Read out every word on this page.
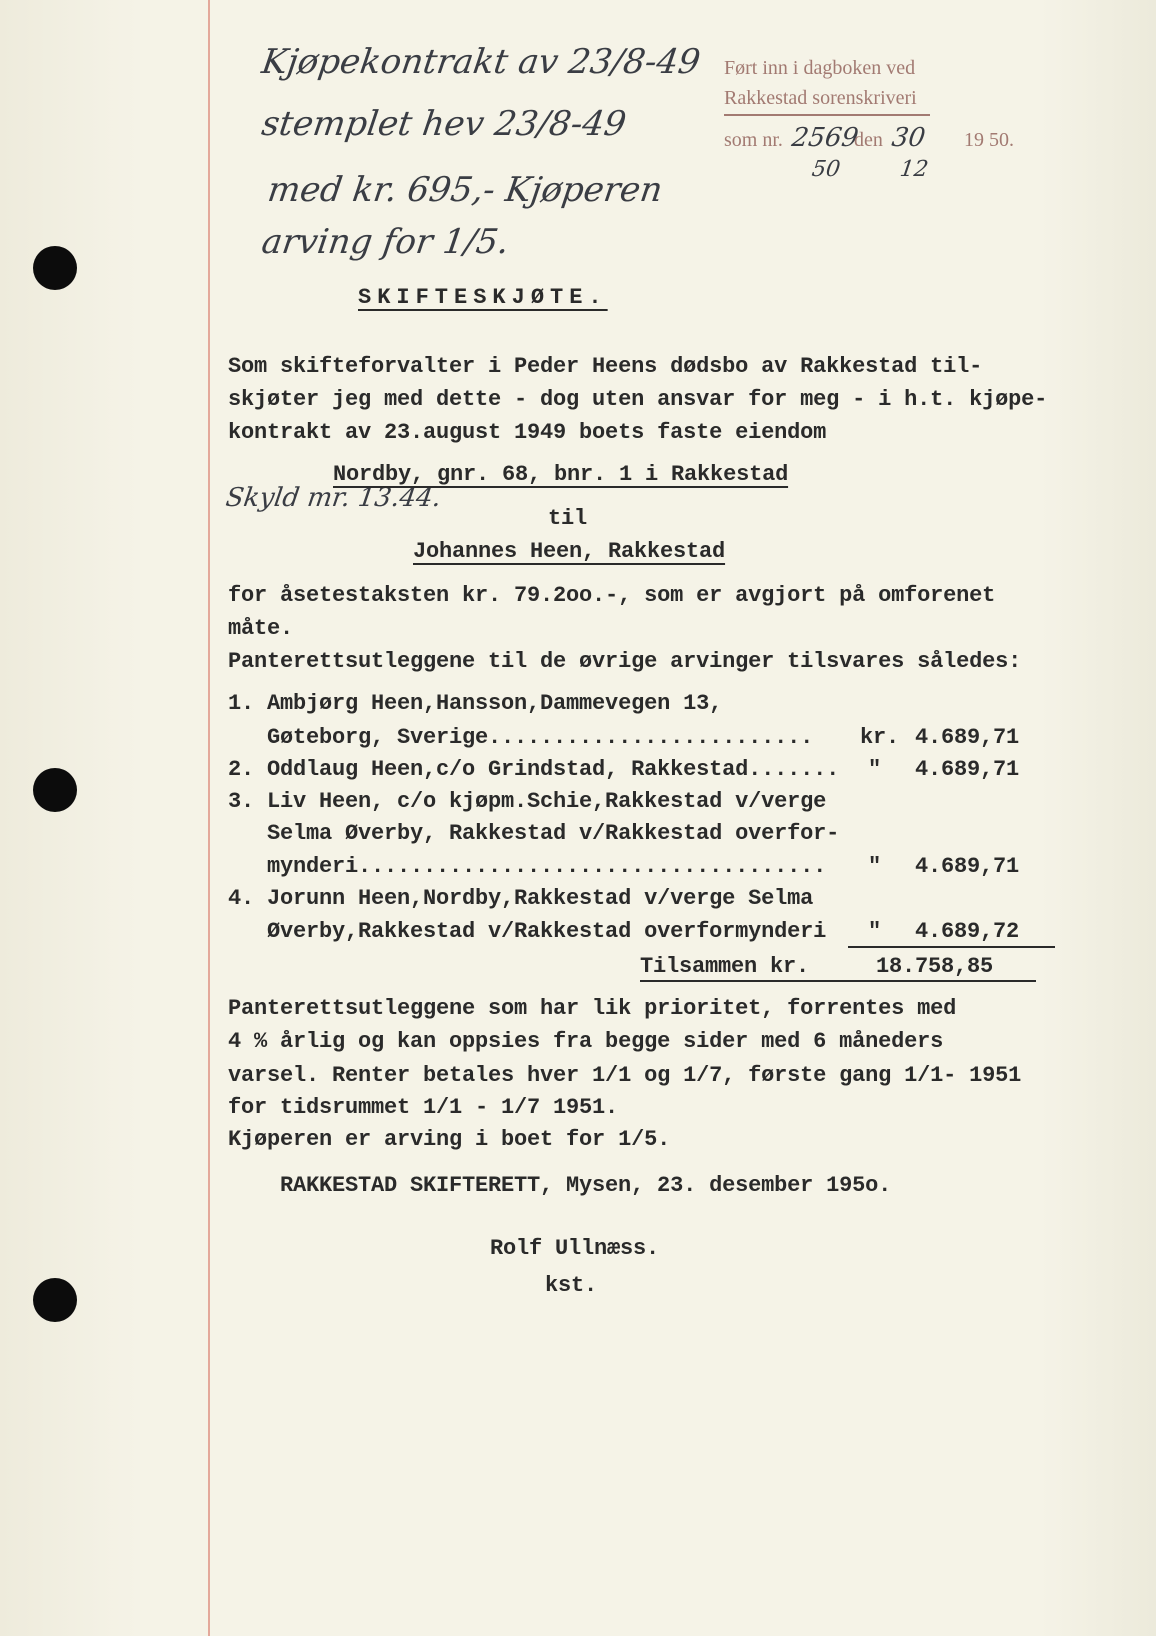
Kjøpekontrakt av 23/8-49
stemplet hev 23/8-49
med kr. 695,- Kjøperen
arving for 1/5.
Skyld mr. 13.44.
Ført inn i dagboken ved
Rakkestad sorenskriveri
som nr. 2569
50
den 30
12
19 50.
SKIFTESKJØTE.
Som skifteforvalter i Peder Heens dødsbo av Rakkestad til-
skjøter jeg med dette - dog uten ansvar for meg - i h.t. kjøpe-
kontrakt av 23.august 1949 boets faste eiendom
Nordby, gnr. 68, bnr. 1 i Rakkestad
til
Johannes Heen, Rakkestad
for åsetestaksten kr. 79.2oo.-, som er avgjort på omforenet
måte.
Panterettsutleggene til de øvrige arvinger tilsvares således:
1. Ambjørg Heen,Hansson,Dammevegen 13,
Gøteborg, Sverige......................... kr. 4.689,71
2. Oddlaug Heen,c/o Grindstad, Rakkestad....... " 4.689,71
3. Liv Heen, c/o kjøpm.Schie,Rakkestad v/verge
Selma Øverby, Rakkestad v/Rakkestad overfor-
mynderi.................................... " 4.689,71
4. Jorunn Heen,Nordby,Rakkestad v/verge Selma
Øverby,Rakkestad v/Rakkestad overformynderi " 4.689,72
Tilsammen kr.	18.758,85
Panterettsutleggene som har lik prioritet, forrentes med
4 % årlig og kan oppsies fra begge sider med 6 måneders
varsel. Renter betales hver 1/1 og 1/7, første gang 1/1- 1951
for tidsrummet 1/1 - 1/7 1951.
Kjøperen er arving i boet for 1/5.
RAKKESTAD SKIFTERETT, Mysen, 23. desember 195o.
Rolf Ullnæss.
kst.
